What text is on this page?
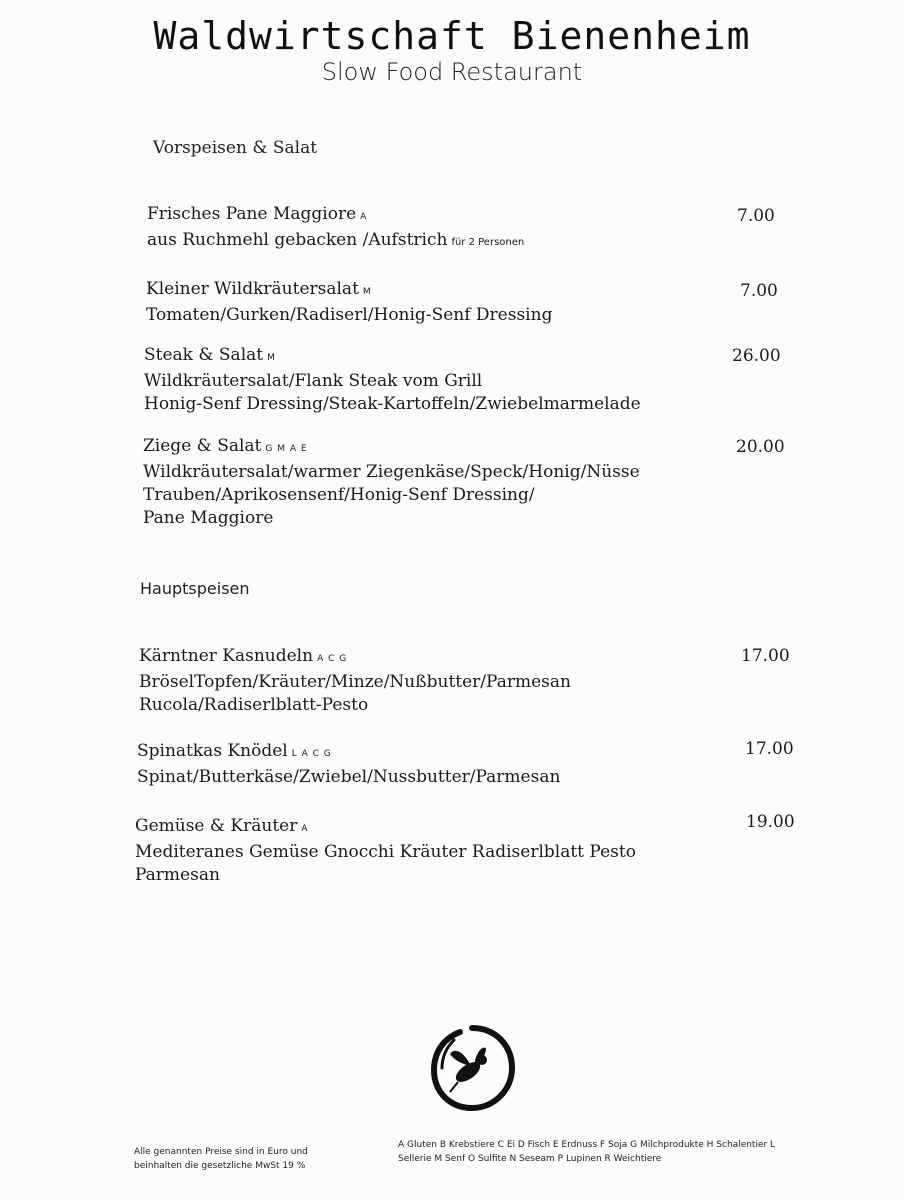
Waldwirtschaft Bienenheim
Slow Food Restaurant
Vorspeisen & Salat
Frisches Pane Maggiore A
aus Ruchmehl gebacken /Aufstrich für 2 Personen
7.00
Kleiner Wildkräutersalat M
Tomaten/Gurken/Radiserl/Honig-Senf Dressing
7.00
Steak & Salat M
Wildkräutersalat/Flank Steak vom Grill
Honig-Senf Dressing/Steak-Kartoffeln/Zwiebelmarmelade
26.00
Ziege & Salat G M A E
Wildkräutersalat/warmer Ziegenkäse/Speck/Honig/Nüsse
Trauben/Aprikosensenf/Honig-Senf Dressing/
Pane Maggiore
20.00
Hauptspeisen
Kärntner Kasnudeln A C G
BröselTopfen/Kräuter/Minze/Nußbutter/Parmesan
Rucola/Radiserlblatt-Pesto
17.00
Spinatkas Knödel L A C G
Spinat/Butterkäse/Zwiebel/Nussbutter/Parmesan
17.00
Gemüse & Kräuter A
Mediteranes Gemüse Gnocchi Kräuter Radiserlblatt Pesto
Parmesan
19.00
Alle genannten Preise sind in Euro und
beinhalten die gesetzliche MwSt 19 %
A Gluten B Krebstiere C Ei D Fisch E Erdnuss F Soja G Milchprodukte H Schalentier L
Sellerie M Senf O Sulfite N Seseam P Lupinen R Weichtiere
